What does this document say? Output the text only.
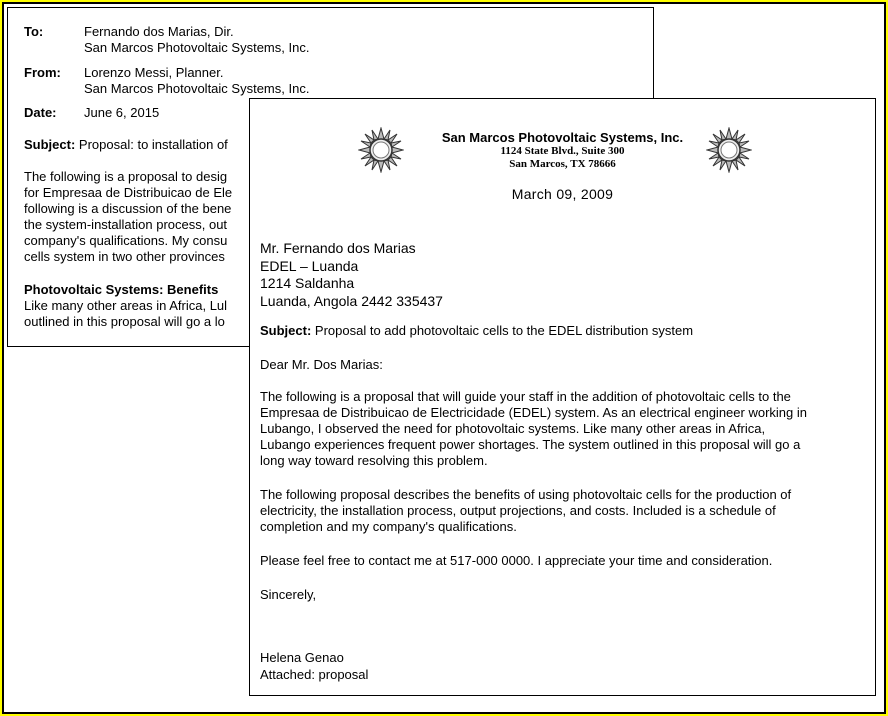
To:	Fernando dos Marias, Dir.
San Marcos Photovoltaic Systems, Inc.
From: Lorenzo Messi, Planner.
San Marcos Photovoltaic Systems, Inc.
Date: June 6, 2015
Subject: Proposal: to installation of
The following is a proposal to desig
for Empresaa de Distribuicao de Ele
following is a discussion of the bene
the system-installation process, out
company's qualifications. My consu
cells system in two other provinces
Photovoltaic Systems: Benefits
Like many other areas in Africa, Lul
outlined in this proposal will go a lo
San Marcos Photovoltaic Systems, Inc.
1124 State Blvd., Suite 300
San Marcos, TX 78666
March 09, 2009
Mr. Fernando dos Marias
EDEL – Luanda
1214 Saldanha
Luanda, Angola 2442 335437
Subject: Proposal to add photovoltaic cells to the EDEL distribution system
Dear Mr. Dos Marias:
The following is a proposal that will guide your staff in the addition of photovoltaic cells to the
Empresaa de Distribuicao de Electricidade (EDEL) system. As an electrical engineer working in
Lubango, I observed the need for photovoltaic systems. Like many other areas in Africa,
Lubango experiences frequent power shortages. The system outlined in this proposal will go a
long way toward resolving this problem.
The following proposal describes the benefits of using photovoltaic cells for the production of
electricity, the installation process, output projections, and costs. Included is a schedule of
completion and my company's qualifications.
Please feel free to contact me at 517-000 0000. I appreciate your time and consideration.
Sincerely,
Helena Genao
Attached: proposal
